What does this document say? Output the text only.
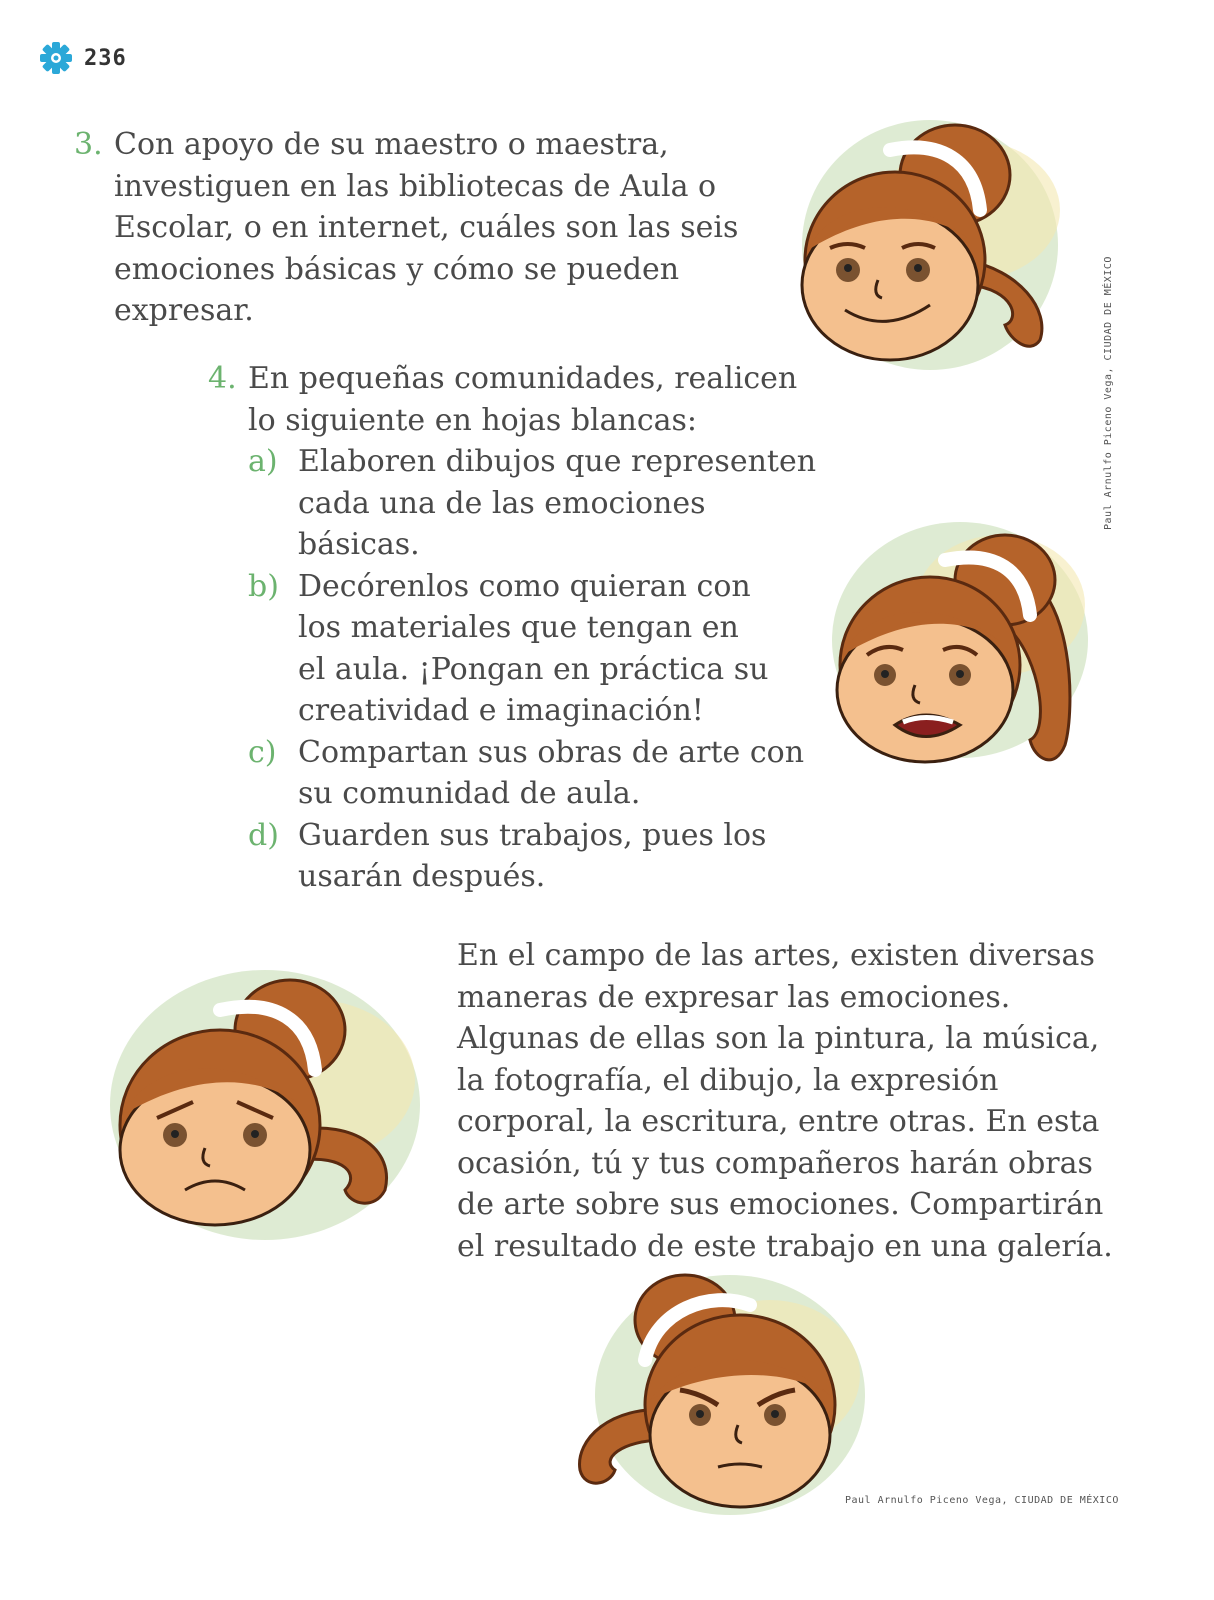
236
3. Con apoyo de su maestro o maestra,
investiguen en las bibliotecas de Aula o
Escolar, o en internet, cuáles son las seis
emociones básicas y cómo se pueden
expresar.
4. En pequeñas comunidades, realicen
lo siguiente en hojas blancas:
a) Elaboren dibujos que representen
cada una de las emociones
básicas.
b) Decórenlos como quieran con
los materiales que tengan en
el aula. ¡Pongan en práctica su
creatividad e imaginación!
c) Compartan sus obras de arte con
su comunidad de aula.
d) Guarden sus trabajos, pues los
usarán después.
En el campo de las artes, existen diversas
maneras de expresar las emociones.
Algunas de ellas son la pintura, la música,
la fotografía, el dibujo, la expresión
corporal, la escritura, entre otras. En esta
ocasión, tú y tus compañeros harán obras
de arte sobre sus emociones. Compartirán
el resultado de este trabajo en una galería.
Paul Arnulfo Piceno Vega, CIUDAD DE MÉXICO
Paul Arnulfo Piceno Vega, CIUDAD DE MÉXICO
